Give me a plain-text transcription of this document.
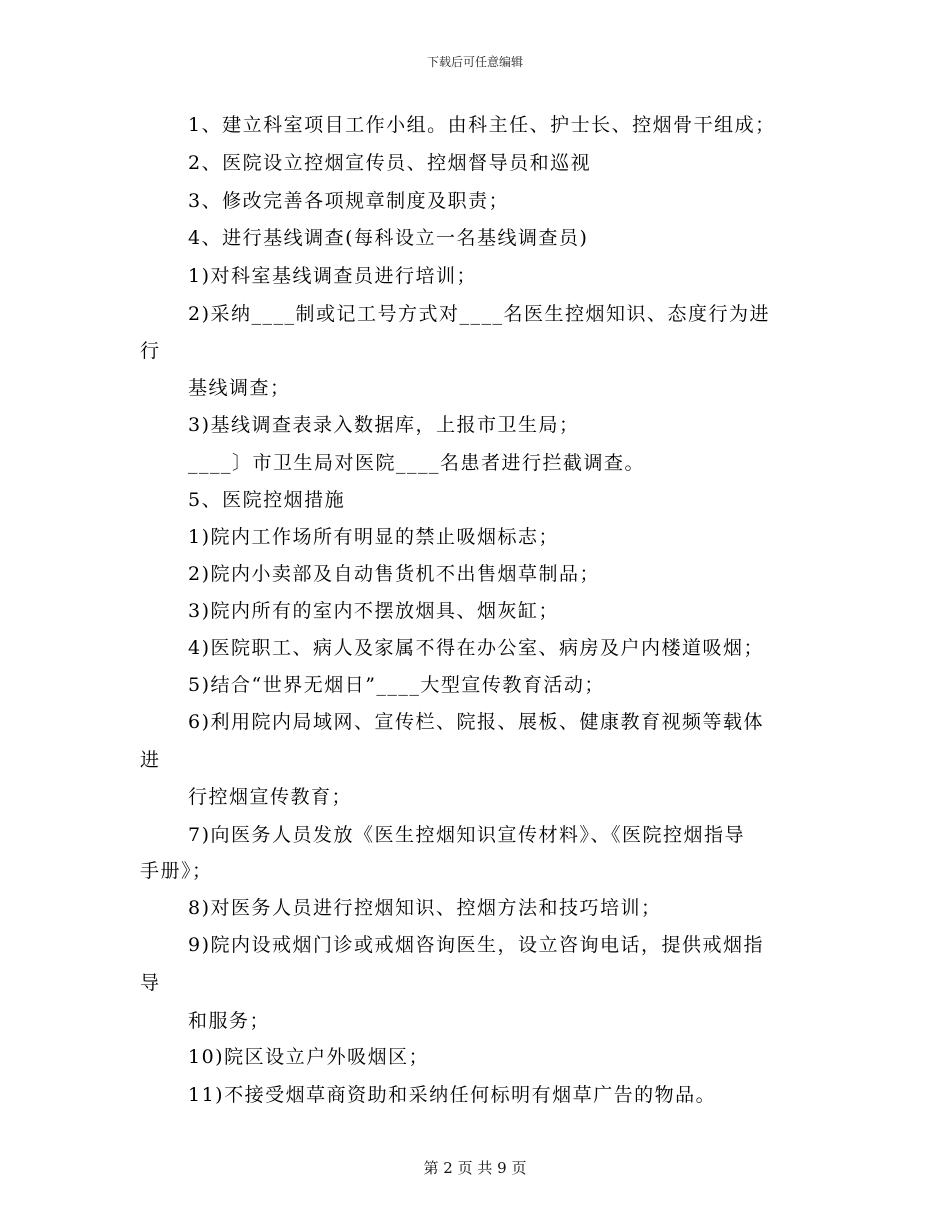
下载后可任意编辑
1、建立科室项目工作小组。由科主任、护士长、控烟骨干组成；
2、医院设立控烟宣传员、控烟督导员和巡视
3、修改完善各项规章制度及职责；
4、进行基线调查(每科设立一名基线调查员)
1)对科室基线调查员进行培训；
2)采纳____制或记工号方式对____名医生控烟知识、态度行为进
行
基线调查；
3)基线调查表录入数据库，上报市卫生局；
____〕市卫生局对医院____名患者进行拦截调查。
5、医院控烟措施
1)院内工作场所有明显的禁止吸烟标志；
2)院内小卖部及自动售货机不出售烟草制品；
3)院内所有的室内不摆放烟具、烟灰缸；
4)医院职工、病人及家属不得在办公室、病房及户内楼道吸烟；
5)结合“世界无烟日”____大型宣传教育活动；
6)利用院内局域网、宣传栏、院报、展板、健康教育视频等载体
进
行控烟宣传教育；
7)向医务人员发放《医生控烟知识宣传材料》、《医院控烟指导
手册》；
8)对医务人员进行控烟知识、控烟方法和技巧培训；
9)院内设戒烟门诊或戒烟咨询医生，设立咨询电话，提供戒烟指
导
和服务；
10)院区设立户外吸烟区；
11)不接受烟草商资助和采纳任何标明有烟草广告的物品。
第 2 页 共 9 页
